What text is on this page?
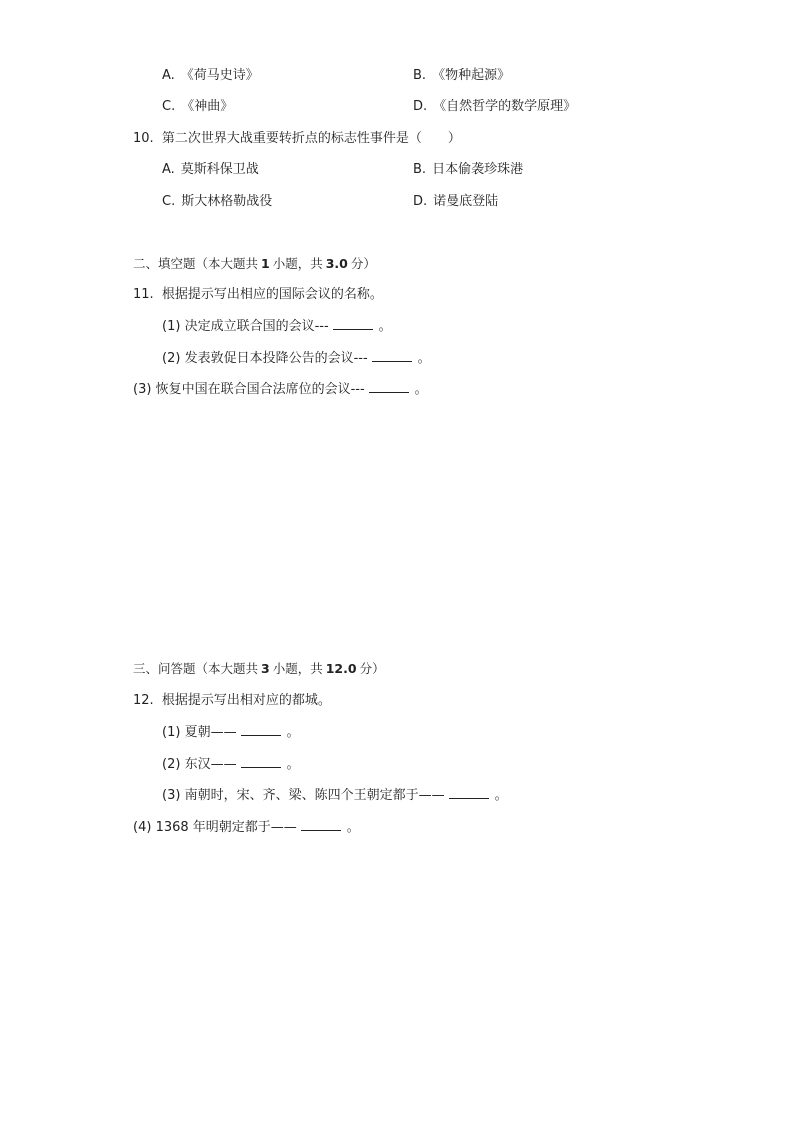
A. 《荷马史诗》	B. 《物种起源》
C. 《神曲》	D. 《自然哲学的数学原理》
10. 第二次世界大战重要转折点的标志性事件是（　　）
A. 莫斯科保卫战	B. 日本偷袭珍珠港
C. 斯大林格勒战役	D. 诺曼底登陆
二、填空题（本大题共 1 小题，共 3.0 分）
11. 根据提示写出相应的国际会议的名称。
(1) 决定成立联合国的会议---	。
(2) 发表敦促日本投降公告的会议---	。
(3) 恢复中国在联合国合法席位的会议---	。
三、问答题（本大题共 3 小题，共 12.0 分）
12. 根据提示写出相对应的都城。
(1) 夏朝——	。
(2) 东汉——	。
(3) 南朝时，宋、齐、梁、陈四个王朝定都于——	。
(4) 1368 年明朝定都于——	。
